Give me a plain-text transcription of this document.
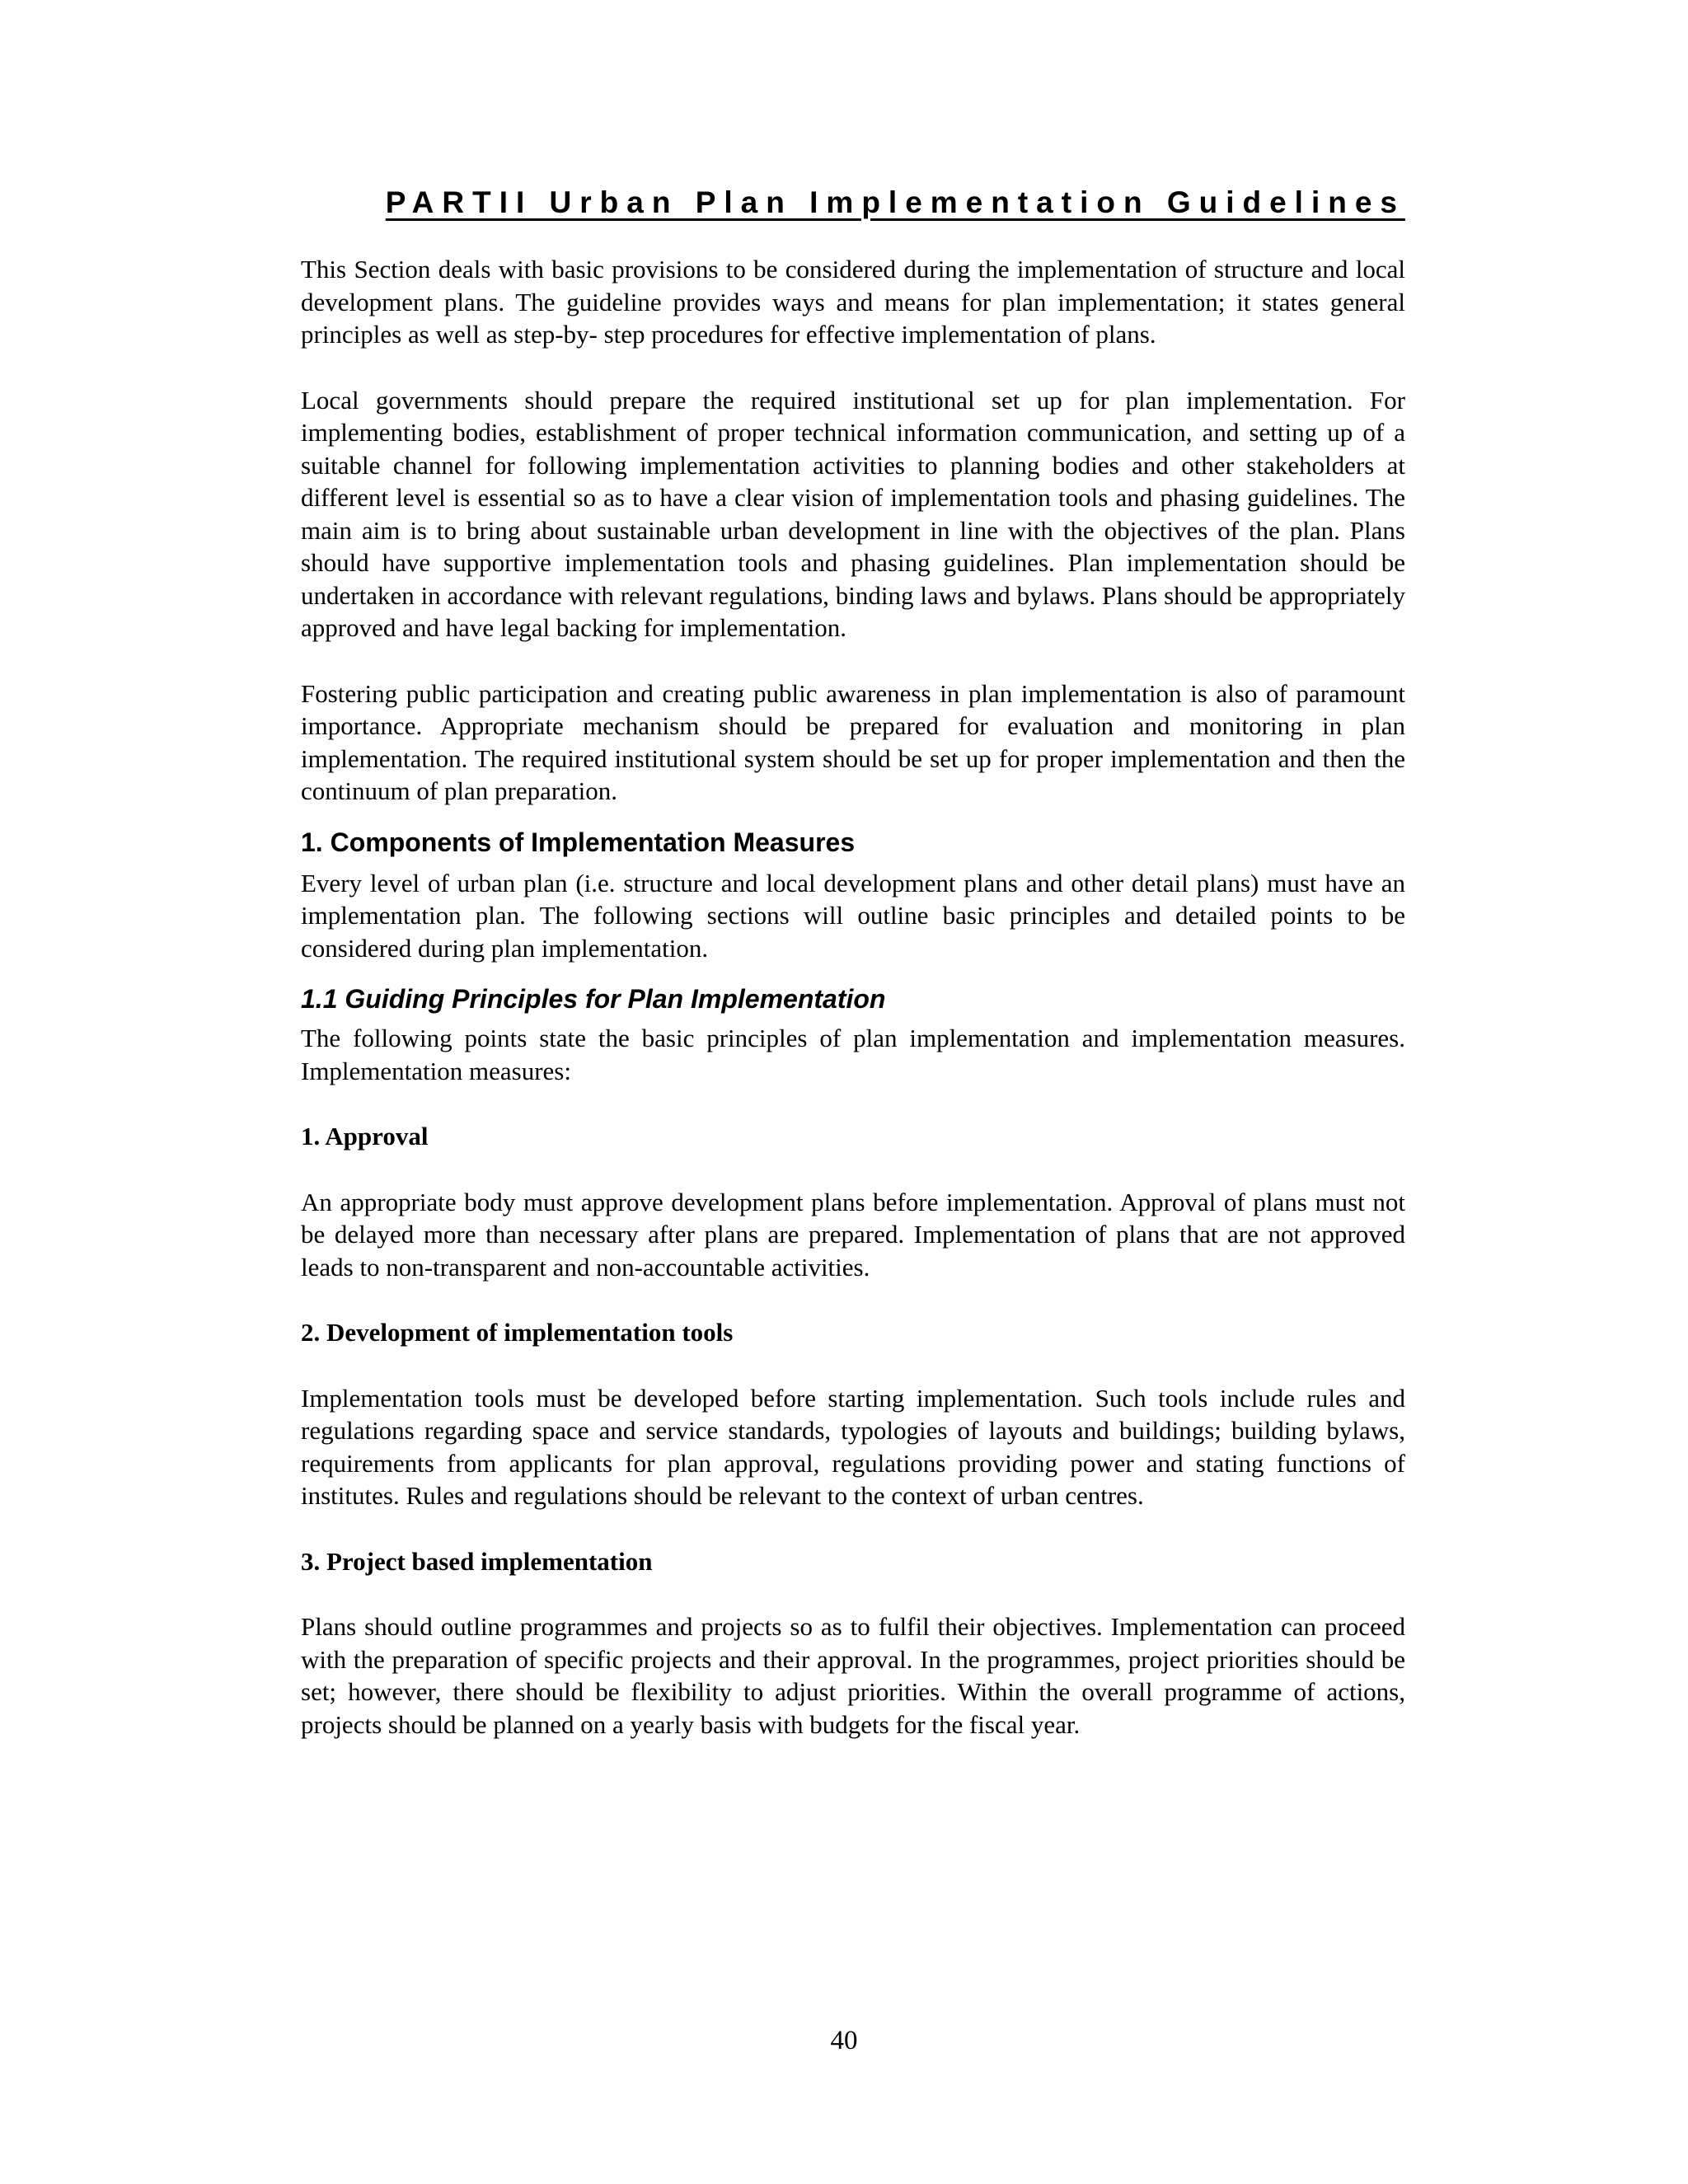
PARTII Urban Plan Implementation Guidelines

This Section deals with basic provisions to be considered during the implementation of structure and local development plans. The guideline provides ways and means for plan implementation; it states general principles as well as step-by- step procedures for effective implementation of plans.

Local governments should prepare the required institutional set up for plan implementation. For implementing bodies, establishment of proper technical information communication, and setting up of a suitable channel for following implementation activities to planning bodies and other stakeholders at different level is essential so as to have a clear vision of implementation tools and phasing guidelines. The main aim is to bring about sustainable urban development in line with the objectives of the plan. Plans should have supportive implementation tools and phasing guidelines. Plan implementation should be undertaken in accordance with relevant regulations, binding laws and bylaws. Plans should be appropriately approved and have legal backing for implementation.

Fostering public participation and creating public awareness in plan implementation is also of paramount importance. Appropriate mechanism should be prepared for evaluation and monitoring in plan implementation. The required institutional system should be set up for proper implementation and then the continuum of plan preparation.

1. Components of Implementation Measures

Every level of urban plan (i.e. structure and local development plans and other detail plans) must have an implementation plan. The following sections will outline basic principles and detailed points to be considered during plan implementation.

1.1 Guiding Principles for Plan Implementation

The following points state the basic principles of plan implementation and implementation measures. Implementation measures:

1. Approval

An appropriate body must approve development plans before implementation. Approval of plans must not be delayed more than necessary after plans are prepared. Implementation of plans that are not approved leads to non-transparent and non-accountable activities.

2. Development of implementation tools

Implementation tools must be developed before starting implementation. Such tools include rules and regulations regarding space and service standards, typologies of layouts and buildings; building bylaws, requirements from applicants for plan approval, regulations providing power and stating functions of institutes. Rules and regulations should be relevant to the context of urban centres.

3. Project based implementation

Plans should outline programmes and projects so as to fulfil their objectives. Implementation can proceed with the preparation of specific projects and their approval. In the programmes, project priorities should be set; however, there should be flexibility to adjust priorities. Within the overall programme of actions, projects should be planned on a yearly basis with budgets for the fiscal year.

40
